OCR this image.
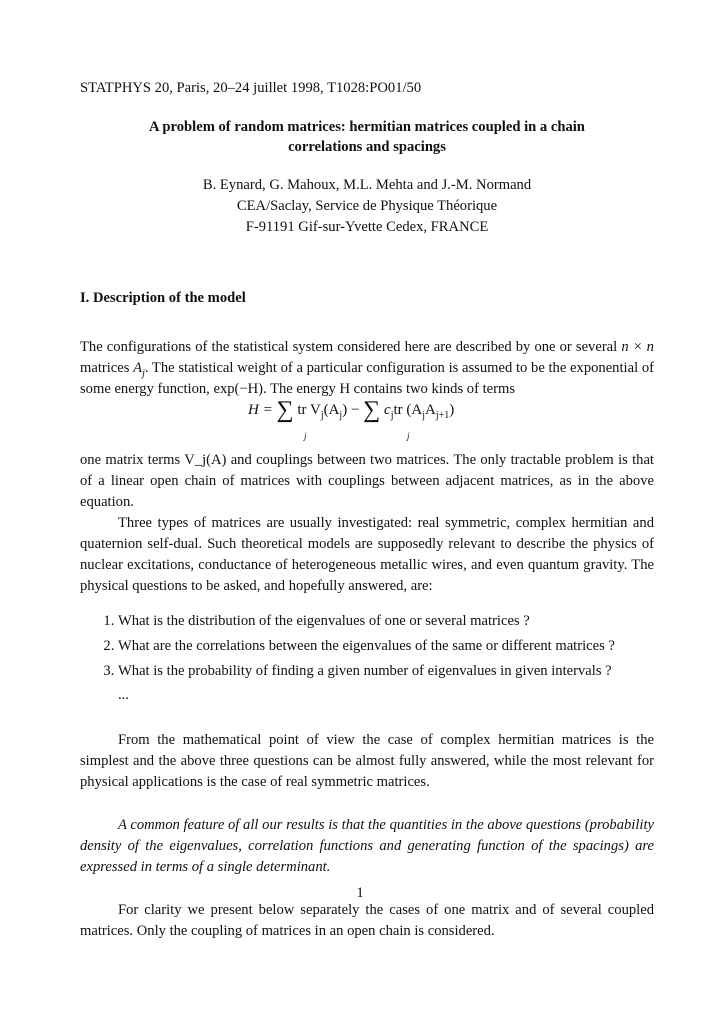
STATPHYS 20, Paris, 20–24 juillet 1998, T1028:PO01/50

A problem of random matrices: hermitian matrices coupled in a chain
correlations and spacings
B. Eynard, G. Mahoux, M.L. Mehta and J.-M. Normand
CEA/Saclay, Service de Physique Théorique
F-91191 Gif-sur-Yvette Cedex, FRANCE
I. Description of the model

The configurations of the statistical system considered here are described by one or several n × n matrices $A_j$. The statistical weight of a particular configuration is assumed to be the exponential of some energy function, exp(−H). The energy H contains two kinds of terms

H = ∑ tr $V_j(A_j)$ − ∑ $c_jtr$ $(A_jA_{j+1})$
j	j

one matrix terms V_j(A) and couplings between two matrices. The only tractable problem is that of a linear open chain of matrices with couplings between adjacent matrices, as in the above equation.

Three types of matrices are usually investigated: real symmetric, complex hermitian and quaternion self-dual. Such theoretical models are supposedly relevant to describe the physics of nuclear excitations, conductance of heterogeneous metallic wires, and even quantum gravity. The physical questions to be asked, and hopefully answered, are:

1. What is the distribution of the eigenvalues of one or several matrices ?
2. What are the correlations between the eigenvalues of the same or different matrices ?
3. What is the probability of finding a given number of eigenvalues in given intervals ?
...

From the mathematical point of view the case of complex hermitian matrices is the simplest and the above three questions can be almost fully answered, while the most relevant for physical applications is the case of real symmetric matrices.

A common feature of all our results is that the quantities in the above questions (probability density of the eigenvalues, correlation functions and generating function of the spacings) are expressed in terms of a single determinant.

For clarity we present below separately the cases of one matrix and of several coupled matrices. Only the coupling of matrices in an open chain is considered.

1
